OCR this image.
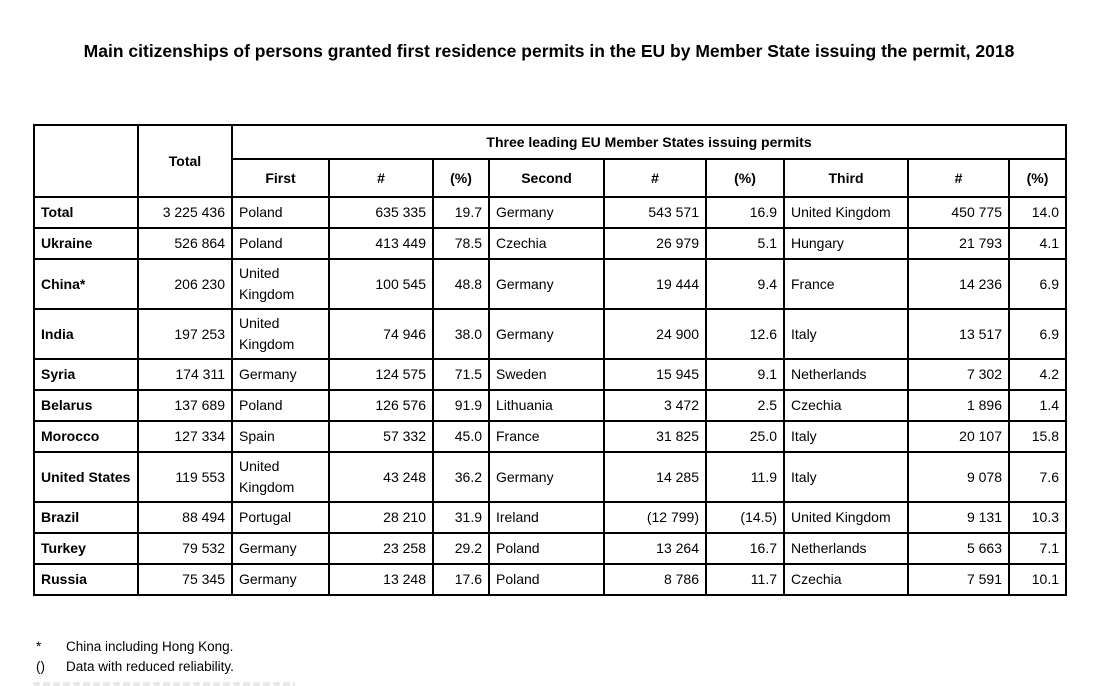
Main citizenships of persons granted first residence permits in the EU by Member State issuing the permit, 2018
	Total	Three leading EU Member States issuing permits								
		First	#	(%)	Second	#	(%)	Third	#	(%)
Total	3 225 436	Poland	635 335	19.7	Germany	543 571	16.9	United Kingdom	450 775	14.0
Ukraine	526 864	Poland	413 449	78.5	Czechia	26 979	5.1	Hungary	21 793	4.1
China*	206 230	United Kingdom	100 545	48.8	Germany	19 444	9.4	France	14 236	6.9
India	197 253	United Kingdom	74 946	38.0	Germany	24 900	12.6	Italy	13 517	6.9
Syria	174 311	Germany	124 575	71.5	Sweden	15 945	9.1	Netherlands	7 302	4.2
Belarus	137 689	Poland	126 576	91.9	Lithuania	3 472	2.5	Czechia	1 896	1.4
Morocco	127 334	Spain	57 332	45.0	France	31 825	25.0	Italy	20 107	15.8
United States	119 553	United Kingdom	43 248	36.2	Germany	14 285	11.9	Italy	9 078	7.6
Brazil	88 494	Portugal	28 210	31.9	Ireland	(12 799)	(14.5)	United Kingdom	9 131	10.3
Turkey	79 532	Germany	23 258	29.2	Poland	13 264	16.7	Netherlands	5 663	7.1
Russia	75 345	Germany	13 248	17.6	Poland	8 786	11.7	Czechia	7 591	10.1
*	China including Hong Kong.
()	Data with reduced reliability.
